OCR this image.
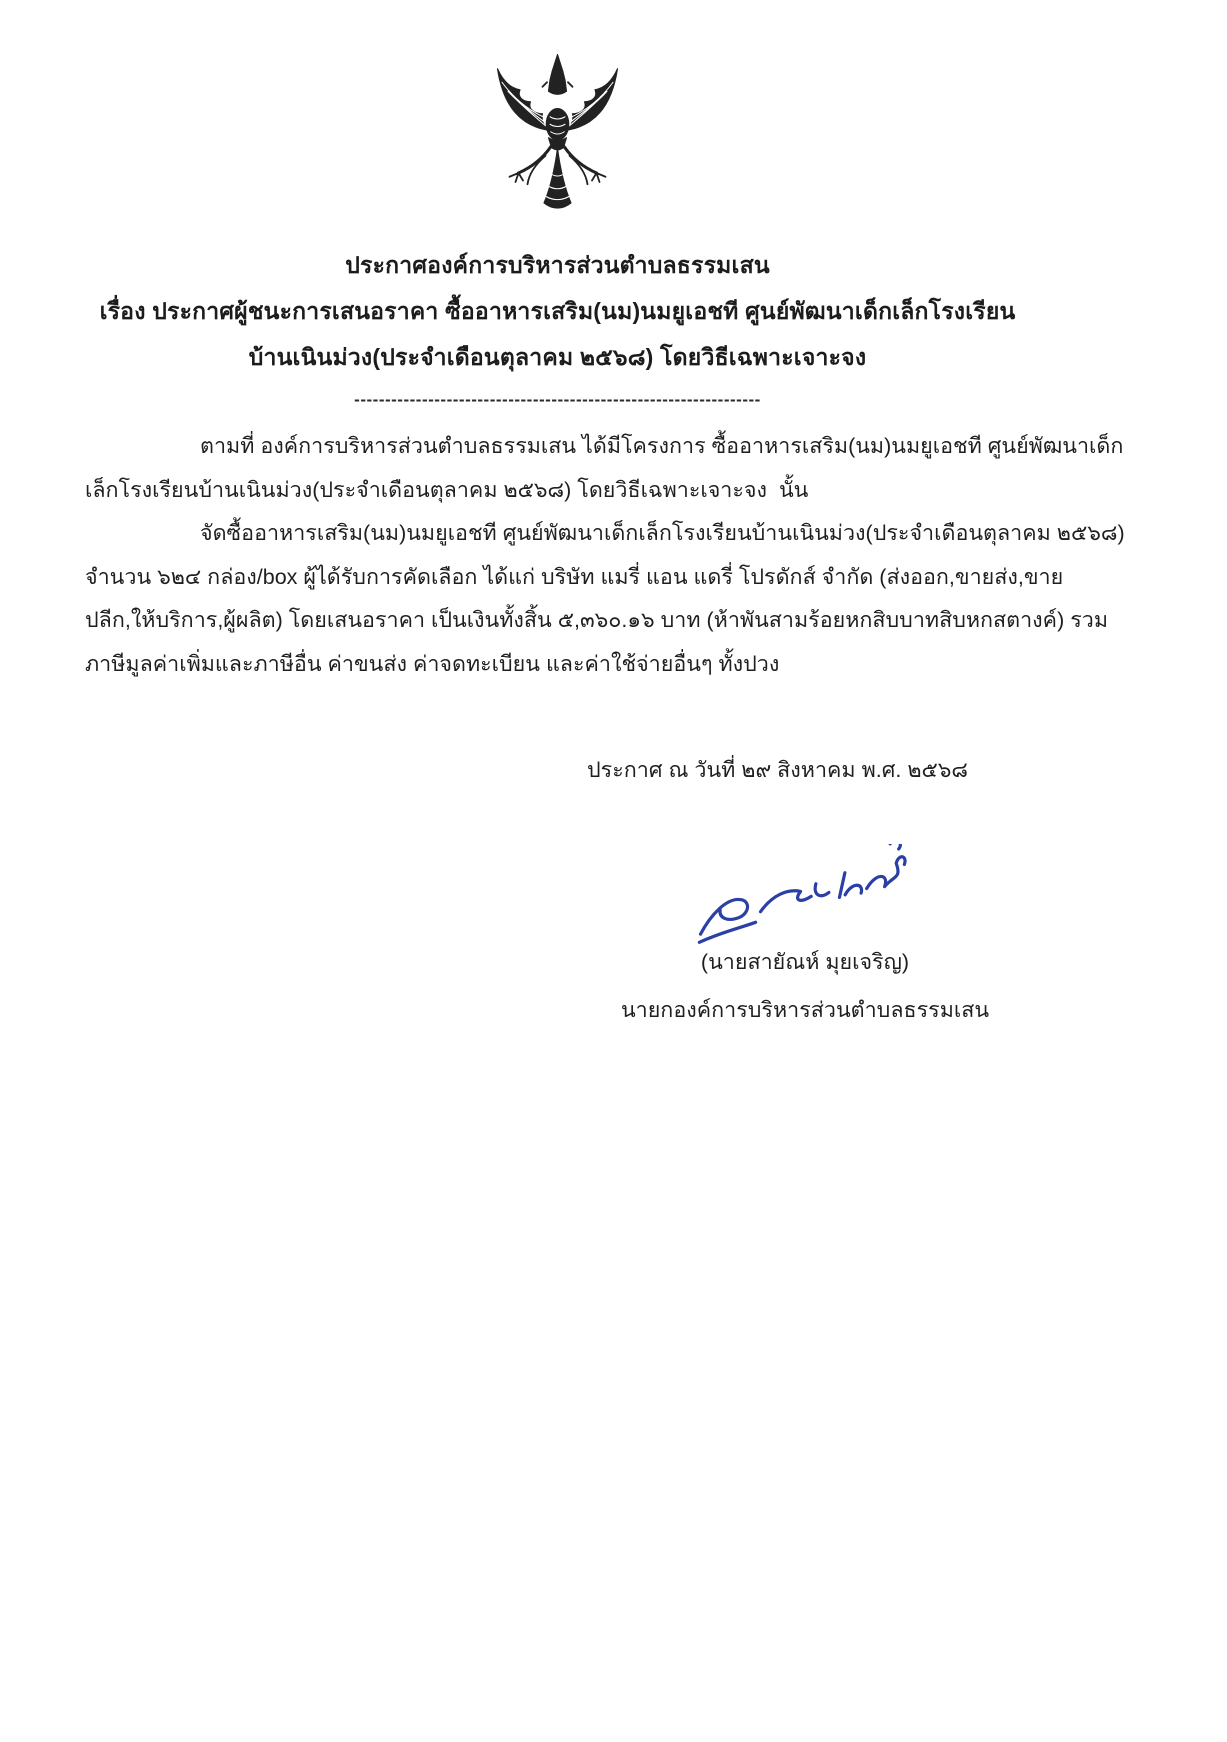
ประกาศองค์การบริหารส่วนตำบลธรรมเสน
เรื่อง ประกาศผู้ชนะการเสนอราคา ซื้ออาหารเสริม(นม)นมยูเอชที ศูนย์พัฒนาเด็กเล็กโรงเรียน
บ้านเนินม่วง(ประจำเดือนตุลาคม ๒๕๖๘) โดยวิธีเฉพาะเจาะจง
------------------------------------------------------------------
ตามที่ องค์การบริหารส่วนตำบลธรรมเสน ได้มีโครงการ ซื้ออาหารเสริม(นม)นมยูเอชที ศูนย์พัฒนาเด็ก
เล็กโรงเรียนบ้านเนินม่วง(ประจำเดือนตุลาคม ๒๕๖๘) โดยวิธีเฉพาะเจาะจง  นั้น
จัดซื้ออาหารเสริม(นม)นมยูเอชที ศูนย์พัฒนาเด็กเล็กโรงเรียนบ้านเนินม่วง(ประจำเดือนตุลาคม ๒๕๖๘)
จำนวน ๖๒๔ กล่อง/box ผู้ได้รับการคัดเลือก ได้แก่ บริษัท แมรี่ แอน แดรี่ โปรดักส์ จำกัด (ส่งออก,ขายส่ง,ขาย
ปลีก,ให้บริการ,ผู้ผลิต) โดยเสนอราคา เป็นเงินทั้งสิ้น ๕,๓๖๐.๑๖ บาท (ห้าพันสามร้อยหกสิบบาทสิบหกสตางค์) รวม
ภาษีมูลค่าเพิ่มและภาษีอื่น ค่าขนส่ง ค่าจดทะเบียน และค่าใช้จ่ายอื่นๆ ทั้งปวง
ประกาศ ณ วันที่ ๒๙ สิงหาคม พ.ศ. ๒๕๖๘
(นายสายัณห์ มุยเจริญ)
นายกองค์การบริหารส่วนตำบลธรรมเสน
